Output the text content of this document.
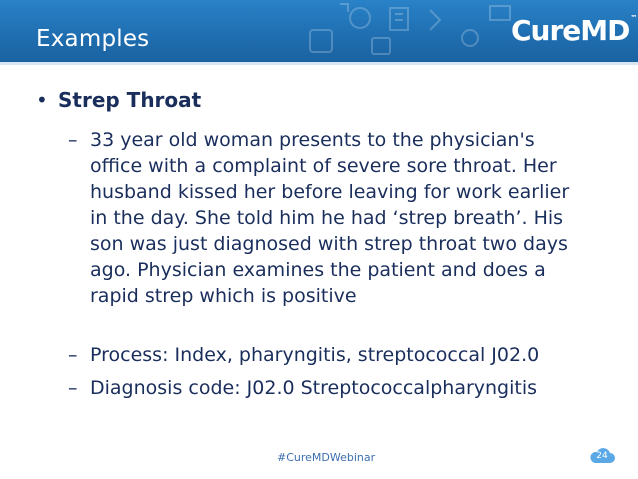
Examples	CureMD™
• Strep Throat
– 33 year old woman presents to the physician's
office with a complaint of severe sore throat. Her
husband kissed her before leaving for work earlier
in the day. She told him he had ‘strep breath’. His
son was just diagnosed with strep throat two days
ago. Physician examines the patient and does a
rapid strep which is positive
– Process: Index, pharyngitis, streptococcal J02.0
– Diagnosis code: J02.0 Streptococcalpharyngitis
#CureMDWebinar	24
